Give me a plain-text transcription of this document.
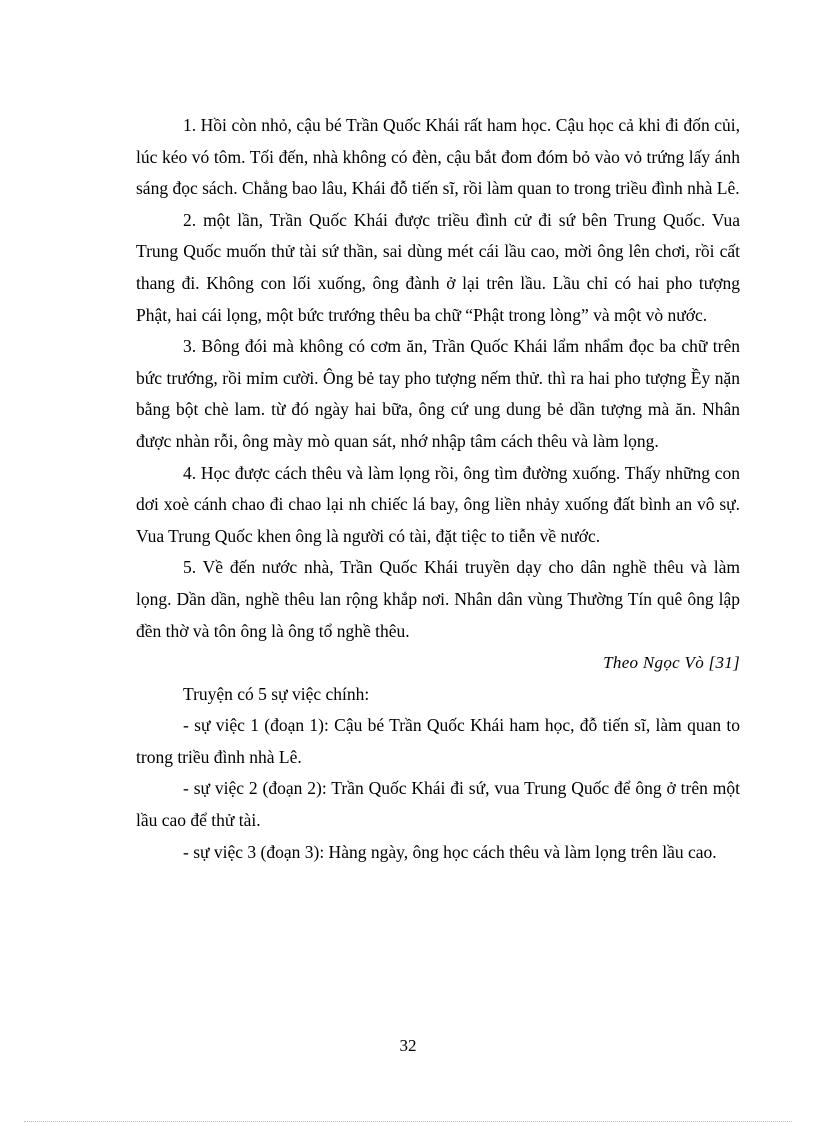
1. Hồi còn nhỏ, cậu bé Trần Quốc Khái rất ham học. Cậu học cả khi đi đốn củi, lúc kéo vó tôm. Tối đến, nhà không có đèn, cậu bắt đom đóm bỏ vào vỏ trứng lấy ánh sáng đọc sách. Chẳng bao lâu, Khái đỗ tiến sĩ, rồi làm quan to trong triều đình nhà Lê.

2. một lần, Trần Quốc Khái được triều đình cử đi sứ bên Trung Quốc. Vua Trung Quốc muốn thử tài sứ thần, sai dùng mét cái lầu cao, mời ông lên chơi, rồi cất thang đi. Không con lối xuống, ông đành ở lại trên lầu. Lầu chỉ có hai pho tượng Phật, hai cái lọng, một bức trướng thêu ba chữ “Phật trong lòng” và một vò nước.

3. Bông đói mà không có cơm ăn, Trần Quốc Khái lẩm nhẩm đọc ba chữ trên bức trướng, rồi mỉm cười. Ông bẻ tay pho tượng nếm thử. thì ra hai pho tượng Ềy nặn bằng bột chè lam. từ đó ngày hai bữa, ông cứ ung dung bẻ dần tượng mà ăn. Nhân được nhàn rỗi, ông mày mò quan sát, nhớ nhập tâm cách thêu và làm lọng.

4. Học được cách thêu và làm lọng rồi, ông tìm đường xuống. Thấy những con dơi xoè cánh chao đi chao lại nh chiếc lá bay, ông liền nhảy xuống đất bình an vô sự. Vua Trung Quốc khen ông là người có tài, đặt tiệc to tiễn về nước.

5. Về đến nước nhà, Trần Quốc Khái truyền dạy cho dân nghề thêu và làm lọng. Dần dần, nghề thêu lan rộng khắp nơi. Nhân dân vùng Thường Tín quê ông lập đền thờ và tôn ông là ông tổ nghề thêu.

Theo Ngọc Vò [31]

Truyện có 5 sự việc chính:

- sự việc 1 (đoạn 1): Cậu bé Trần Quốc Khái ham học, đỗ tiến sĩ, làm quan to trong triều đình nhà Lê.

- sự việc 2 (đoạn 2): Trần Quốc Khái đi sứ, vua Trung Quốc để ông ở trên một lầu cao để thử tài.

- sự việc 3 (đoạn 3): Hàng ngày, ông học cách thêu và làm lọng trên lầu cao.

32
